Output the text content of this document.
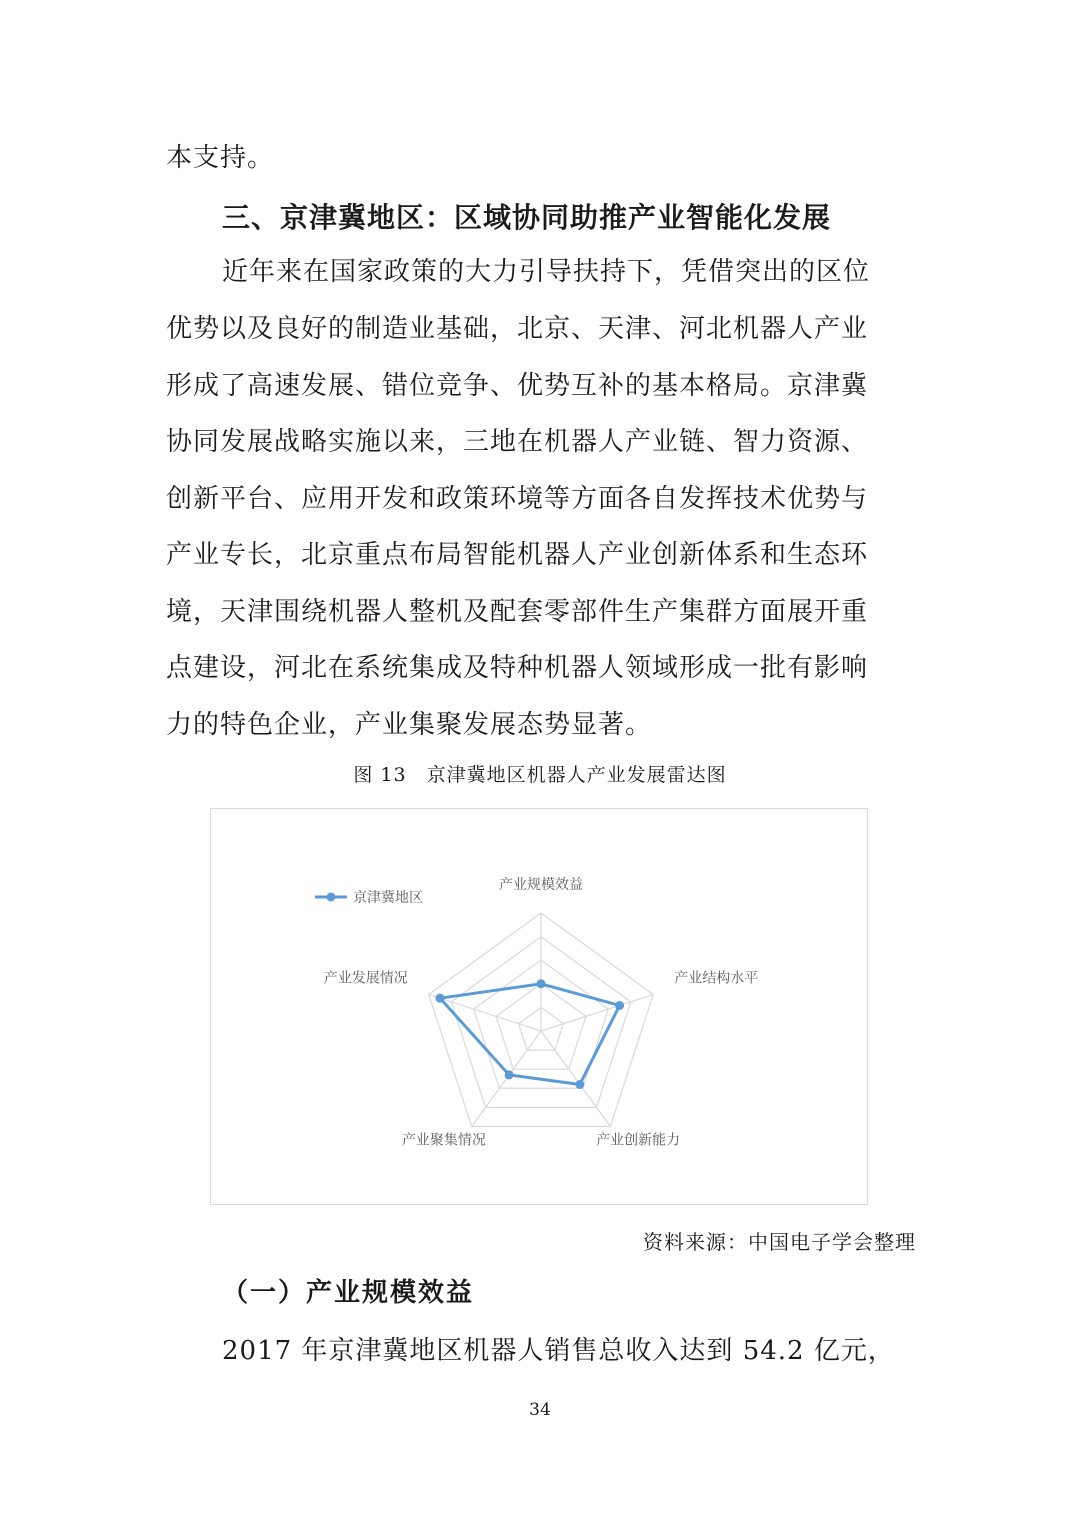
本支持。

三、京津冀地区：区域协同助推产业智能化发展

近年来在国家政策的大力引导扶持下，凭借突出的区位

优势以及良好的制造业基础，北京、天津、河北机器人产业

形成了高速发展、错位竞争、优势互补的基本格局。京津冀

协同发展战略实施以来，三地在机器人产业链、智力资源、

创新平台、应用开发和政策环境等方面各自发挥技术优势与

产业专长，北京重点布局智能机器人产业创新体系和生态环

境，天津围绕机器人整机及配套零部件生产集群方面展开重

点建设，河北在系统集成及特种机器人领域形成一批有影响

力的特色企业，产业集聚发展态势显著。

图 13　京津冀地区机器人产业发展雷达图

产业规模效益
产业结构水平
产业创新能力
产业聚集情况
产业发展情况
京津冀地区

资料来源：中国电子学会整理

（一）产业规模效益

2017 年京津冀地区机器人销售总收入达到 54.2 亿元，

34
